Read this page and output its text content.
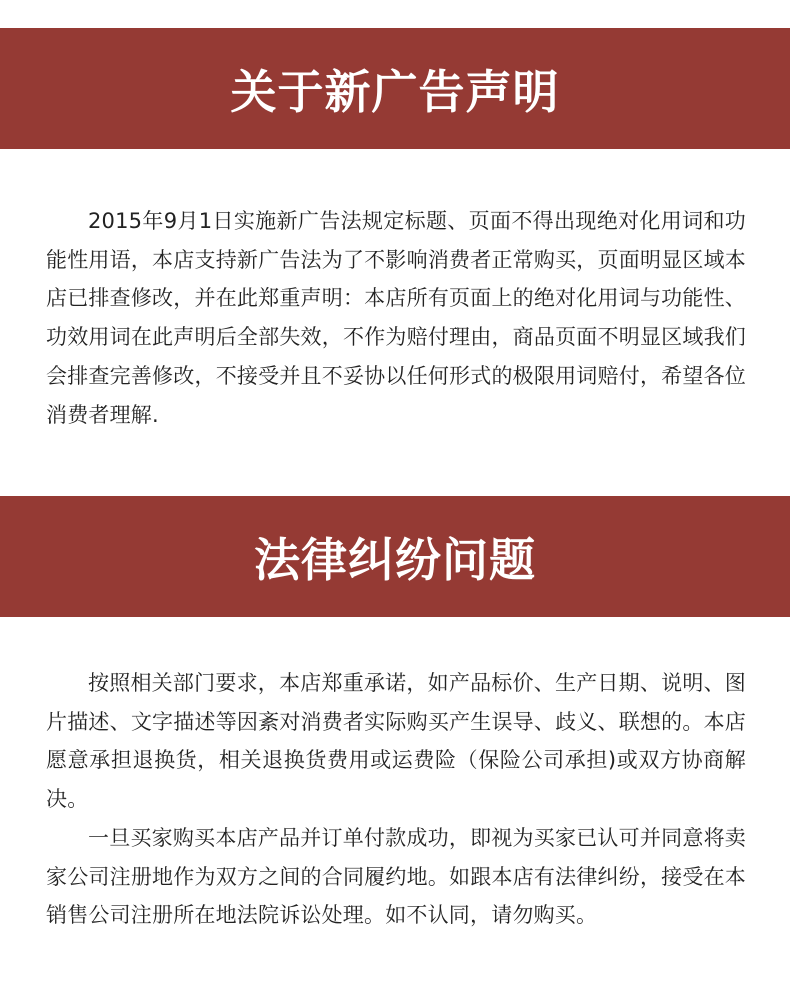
关于新广告声明

2015年9月1日实施新广告法规定标题、页面不得出现绝对化用词和功能性用语，本店支持新广告法为了不影响消费者正常购买，页面明显区域本店已排查修改，并在此郑重声明：本店所有页面上的绝对化用词与功能性、功效用词在此声明后全部失效，不作为赔付理由，商品页面不明显区域我们会排查完善修改，不接受并且不妥协以任何形式的极限用词赔付，希望各位消费者理解.

法律纠纷问题

按照相关部门要求，本店郑重承诺，如产品标价、生产日期、说明、图片描述、文字描述等因紊对消费者实际购买产生误导、歧义、联想的。本店愿意承担退换货，相关退换货费用或运费险（保险公司承担)或双方协商解决。

一旦买家购买本店产品并订单付款成功，即视为买家已认可并同意将卖家公司注册地作为双方之间的合同履约地。如跟本店有法律纠纷，接受在本销售公司注册所在地法院诉讼处理。如不认同，请勿购买。
